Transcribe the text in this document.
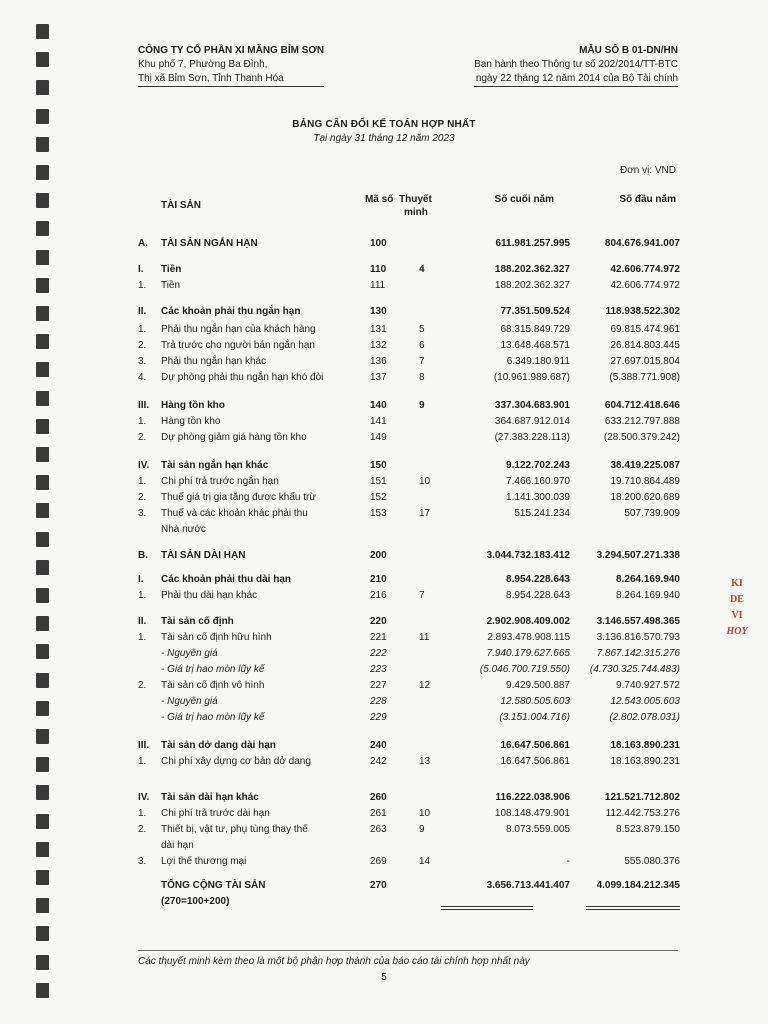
KI
DE
VI
HOY
CÔNG TY CỔ PHẦN XI MĂNG BỈM SƠN
Khu phố 7, Phường Ba Đình,
Thị xã Bỉm Sơn, Tỉnh Thanh Hóa
MẪU SỐ B 01-DN/HN
Ban hành theo Thông tư số 202/2014/TT-BTC
ngày 22 tháng 12 năm 2014 của Bộ Tài chính
BẢNG CÂN ĐỐI KẾ TOÁN HỢP NHẤT
Tại ngày 31 tháng 12 năm 2023
Đơn vị: VND
TÀI SẢN
Mã số Thuyết
minh
Số cuối năm	Số đầu năm
A. TÀI SẢN NGẮN HẠN	100	611.981.257.995	804.676.941.007
I. Tiền	110	4	188.202.362.327	42.606.774.972
1. Tiền	111	188.202.362.327	42.606.774.972
II. Các khoản phải thu ngắn hạn	130	77.351.509.524	118.938.522.302
1. Phải thu ngắn hạn của khách hàng	131	5	68.315.849.729	69.815.474.961
2. Trả trước cho người bán ngắn hạn	132	6	13.648.468.571	26.814.803.445
3. Phải thu ngắn hạn khác	136	7	6.349.180.911	27.697.015.804
4. Dự phòng phải thu ngắn hạn khó đòi	137	8	(10.961.989.687)	(5.388.771.908)
III. Hàng tồn kho	140	9	337.304.683.901	604.712.418.646
1. Hàng tồn kho	141	364.687.912.014	633.212.797.888
2. Dự phòng giảm giá hàng tồn kho	149	(27.383.228.113)	(28.500.379.242)
IV. Tài sản ngắn hạn khác	150	9.122.702.243	38.419.225.087
1. Chi phí trả trước ngắn hạn	151	10	7.466.160.970	19.710.864.489
2. Thuế giá trị gia tăng được khấu trừ	152	1.141.300.039	18.200.620.689
3. Thuế và các khoản khác phải thu	153	17	515.241.234	507.739.909
Nhà nước
B. TÀI SẢN DÀI HẠN	200	3.044.732.183.412	3.294.507.271.338
I. Các khoản phải thu dài hạn	210	8.954.228.643	8.264.169.940
1. Phải thu dài hạn khác	216	7	8.954.228.643	8.264.169.940
II. Tài sản cố định	220	2.902.908.409.002	3.146.557.498.365
1. Tài sản cố định hữu hình	221	11	2.893.478.908.115	3.136.816.570.793
- Nguyên giá	222	7.940.179.627.665	7.867.142.315.276
- Giá trị hao mòn lũy kế	223	(5.046.700.719.550) (4.730.325.744.483)
2. Tài sản cố định vô hình	227	12	9.429.500.887	9.740.927.572
- Nguyên giá	228	12.580.505.603	12.543.005.603
- Giá trị hao mòn lũy kế	229	(3.151.004.716)	(2.802.078.031)
III. Tài sản dở dang dài hạn	240	16.647.506.861	18.163.890.231
1. Chi phí xây dựng cơ bản dở dang	242	13	16.647.506.861	18.163.890.231
IV. Tài sản dài hạn khác	260	116.222.038.906	121.521.712.802
1. Chi phí trả trước dài hạn	261	10	108.148.479.901	112.442.753.276
2. Thiết bị, vật tư, phụ tùng thay thế	263	9	8.073.559.005	8.523.879.150
dài hạn
3. Lợi thế thương mại	269	14	-	555.080.376
TỔNG CỘNG TÀI SẢN	270	3.656.713.441.407	4.099.184.212.345
(270=100+200)
Các thuyết minh kèm theo là một bộ phận hợp thành của báo cáo tài chính hợp nhất này
5
